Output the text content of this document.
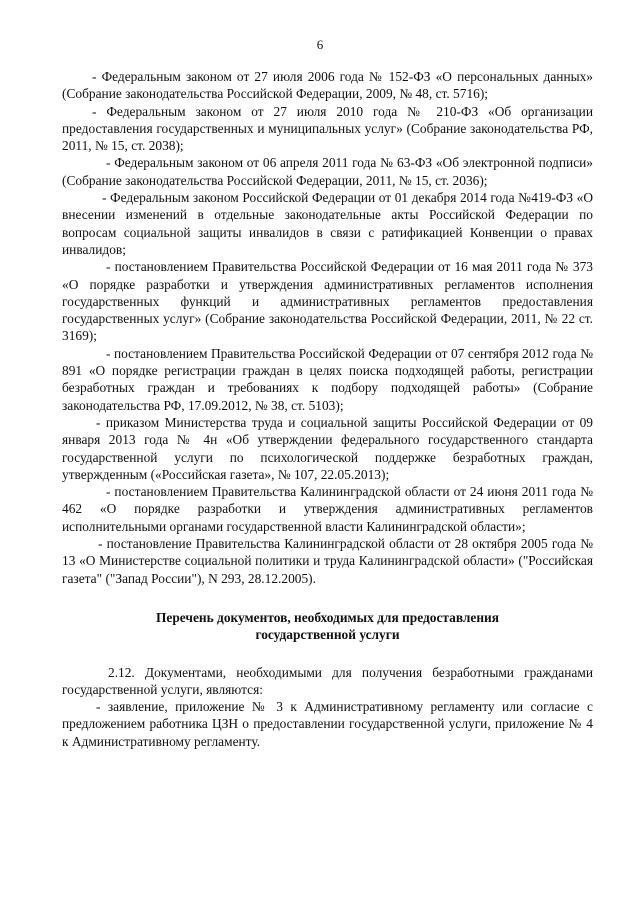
6

- Федеральным законом от 27 июля 2006 года № 152-ФЗ «О персональных данных» (Собрание законодательства Российской Федерации, 2009, № 48, ст. 5716);

- Федеральным законом от 27 июля 2010 года № 210-ФЗ «Об организации предоставления государственных и муниципальных услуг» (Собрание законодательства РФ, 2011, № 15, ст. 2038);

- Федеральным законом от 06 апреля 2011 года № 63-ФЗ «Об электронной подписи» (Собрание законодательства Российской Федерации, 2011, № 15, ст. 2036);

- Федеральным законом Российской Федерации от 01 декабря 2014 года №419-ФЗ «О внесении изменений в отдельные законодательные акты Российской Федерации по вопросам социальной защиты инвалидов в связи с ратификацией Конвенции о правах инвалидов;

- постановлением Правительства Российской Федерации от 16 мая 2011 года № 373 «О порядке разработки и утверждения административных регламентов исполнения государственных функций и административных регламентов предоставления государственных услуг» (Собрание законодательства Российской Федерации, 2011, № 22 ст. 3169);

- постановлением Правительства Российской Федерации от 07 сентября 2012 года № 891 «О порядке регистрации граждан в целях поиска подходящей работы, регистрации безработных граждан и требованиях к подбору подходящей работы» (Собрание законодательства РФ, 17.09.2012, № 38, ст. 5103);

- приказом Министерства труда и социальной защиты Российской Федерации от 09 января 2013 года № 4н «Об утверждении федерального государственного стандарта государственной услуги по психологической поддержке безработных граждан, утвержденным («Российская газета», № 107, 22.05.2013);

- постановлением Правительства Калининградской области от 24 июня 2011 года № 462 «О порядке разработки и утверждения административных регламентов исполнительными органами государственной власти Калининградской области»;

- постановление Правительства Калининградской области от 28 октября 2005 года № 13 «О Министерстве социальной политики и труда Калининградской области» ("Российская газета" ("Запад России"), N 293, 28.12.2005).

Перечень документов, необходимых для предоставления
государственной услуги

2.12. Документами, необходимыми для получения безработными гражданами государственной услуги, являются:

- заявление, приложение № 3 к Административному регламенту или согласие с предложением работника ЦЗН о предоставлении государственной услуги, приложение № 4 к Административному регламенту.
